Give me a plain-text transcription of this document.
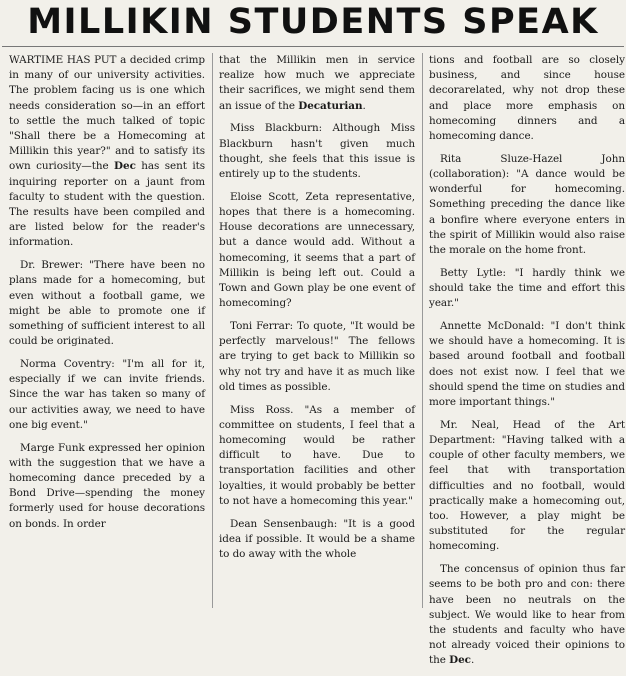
MILLIKIN STUDENTS SPEAK

WARTIME HAS PUT a decided crimp in many of our university activities. The problem facing us is one which needs consideration so—in an effort to settle the much talked of topic "Shall there be a Homecoming at Millikin this year?" and to satisfy its own curiosity—the Dec has sent its inquiring reporter on a jaunt from faculty to student with the question. The results have been compiled and are listed below for the reader's information.

Dr. Brewer: "There have been no plans made for a homecoming, but even without a football game, we might be able to promote one if something of sufficient interest to all could be originated.

Norma Coventry: "I'm all for it, especially if we can invite friends. Since the war has taken so many of our activities away, we need to have one big event."

Marge Funk expressed her opinion with the suggestion that we have a homecoming dance preceded by a Bond Drive—spending the money formerly used for house decorations on bonds. In order

that the Millikin men in service realize how much we appreciate their sacrifices, we might send them an issue of the Decaturian.

Miss Blackburn: Although Miss Blackburn hasn't given much thought, she feels that this issue is entirely up to the students.

Eloise Scott, Zeta representative, hopes that there is a homecoming. House decorations are unnecessary, but a dance would add. Without a homecoming, it seems that a part of Millikin is being left out. Could a Town and Gown play be one event of homecoming?

Toni Ferrar: To quote, "It would be perfectly marvelous!" The fellows are trying to get back to Millikin so why not try and have it as much like old times as possible.

Miss Ross. "As a member of committee on students, I feel that a homecoming would be rather difficult to have. Due to transportation facilities and other loyalties, it would probably be better to not have a homecoming this year."

Dean Sensenbaugh: "It is a good idea if possible. It would be a shame to do away with the whole

tions and football are so closely business, and since house decorarelated, why not drop these and place more emphasis on homecoming dinners and a homecoming dance.

Rita Sluze-Hazel John (collaboration): "A dance would be wonderful for homecoming. Something preceding the dance like a bonfire where everyone enters in the spirit of Millikin would also raise the morale on the home front.

Betty Lytle: "I hardly think we should take the time and effort this year."

Annette McDonald: "I don't think we should have a homecoming. It is based around football and football does not exist now. I feel that we should spend the time on studies and more important things."

Mr. Neal, Head of the Art Department: "Having talked with a couple of other faculty members, we feel that with transportation difficulties and no football, would practically make a homecoming out, too. However, a play might be substituted for the regular homecoming.

The concensus of opinion thus far seems to be both pro and con: there have been no neutrals on the subject. We would like to hear from the students and faculty who have not already voiced their opinions to the Dec.
